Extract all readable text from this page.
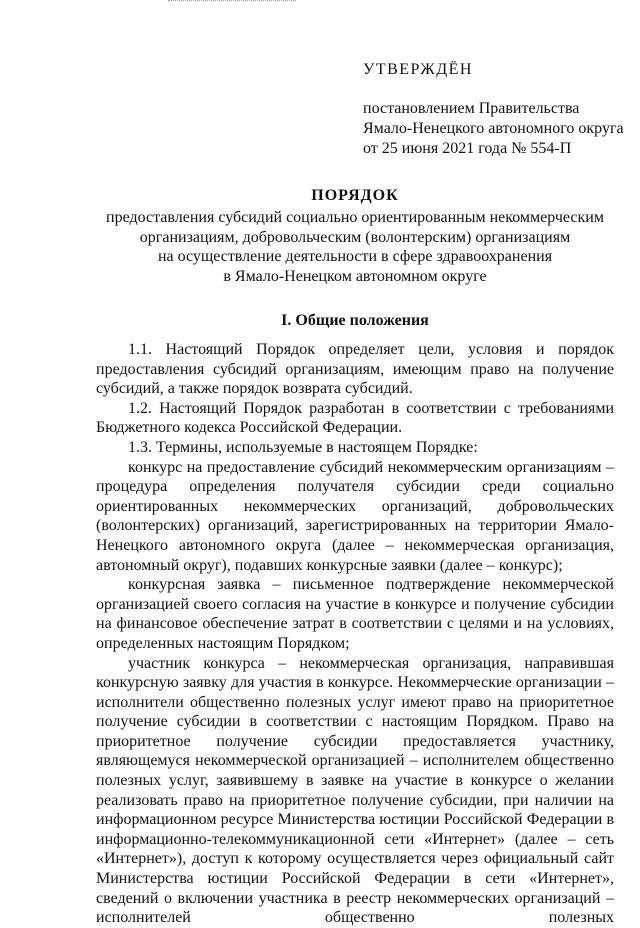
УТВЕРЖДЁН
постановлением Правительства
Ямало-Ненецкого автономного округа
от 25 июня 2021 года № 554-П
ПОРЯДОК
предоставления субсидий социально ориентированным некоммерческим
организациям, добровольческим (волонтерским) организациям
на осуществление деятельности в сфере здравоохранения
в Ямало-Ненецком автономном округе
I. Общие положения

1.1. Настоящий Порядок определяет цели, условия и порядок предоставления субсидий организациям, имеющим право на получение субсидий, а также порядок возврата субсидий.

1.2. Настоящий Порядок разработан в соответствии с требованиями Бюджетного кодекса Российской Федерации.

1.3. Термины, используемые в настоящем Порядке:

конкурс на предоставление субсидий некоммерческим организациям – процедура определения получателя субсидии среди социально ориентированных некоммерческих организаций, добровольческих (волонтерских) организаций, зарегистрированных на территории Ямало-Ненецкого автономного округа (далее – некоммерческая организация, автономный округ), подавших конкурсные заявки (далее – конкурс);

конкурсная заявка – письменное подтверждение некоммерческой организацией своего согласия на участие в конкурсе и получение субсидии на финансовое обеспечение затрат в соответствии с целями и на условиях, определенных настоящим Порядком;

участник конкурса – некоммерческая организация, направившая конкурсную заявку для участия в конкурсе. Некоммерческие организации – исполнители общественно полезных услуг имеют право на приоритетное получение субсидии в соответствии с настоящим Порядком. Право на приоритетное получение субсидии предоставляется участнику, являющемуся некоммерческой организацией – исполнителем общественно полезных услуг, заявившему в заявке на участие в конкурсе о желании реализовать право на приоритетное получение субсидии, при наличии на информационном ресурсе Министерства юстиции Российской Федерации в информационно-телекоммуникационной сети «Интернет» (далее – сеть «Интернет»), доступ к которому осуществляется через официальный сайт Министерства юстиции Российской Федерации в сети «Интернет», сведений о включении участника в реестр некоммерческих организаций – исполнителей общественно полезных
